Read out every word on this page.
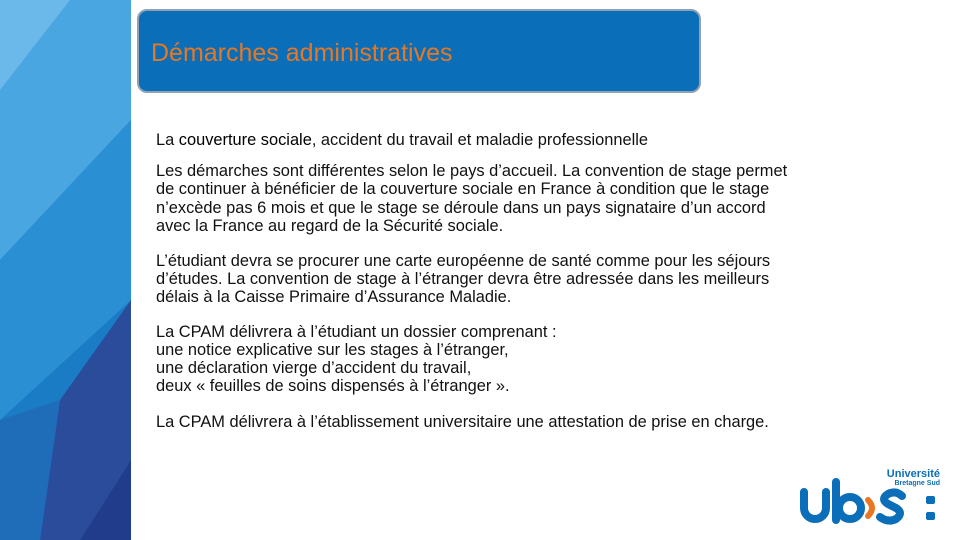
Démarches administratives

La couverture sociale, accident du travail et maladie professionnelle

Les démarches sont différentes selon le pays d’accueil. La convention de stage permet
de continuer à bénéficier de la couverture sociale en France à condition que le stage
n’excède pas 6 mois et que le stage se déroule dans un pays signataire d’un accord
avec la France au regard de la Sécurité sociale.

L’étudiant devra se procurer une carte européenne de santé comme pour les séjours
d’études. La convention de stage à l’étranger devra être adressée dans les meilleurs
délais à la Caisse Primaire d’Assurance Maladie.

La CPAM délivrera à l’étudiant un dossier comprenant :
une notice explicative sur les stages à l’étranger,
une déclaration vierge d’accident du travail,
deux « feuilles de soins dispensés à l’étranger ».

La CPAM délivrera à l’établissement universitaire une attestation de prise en charge.

Université
Bretagne Sud
